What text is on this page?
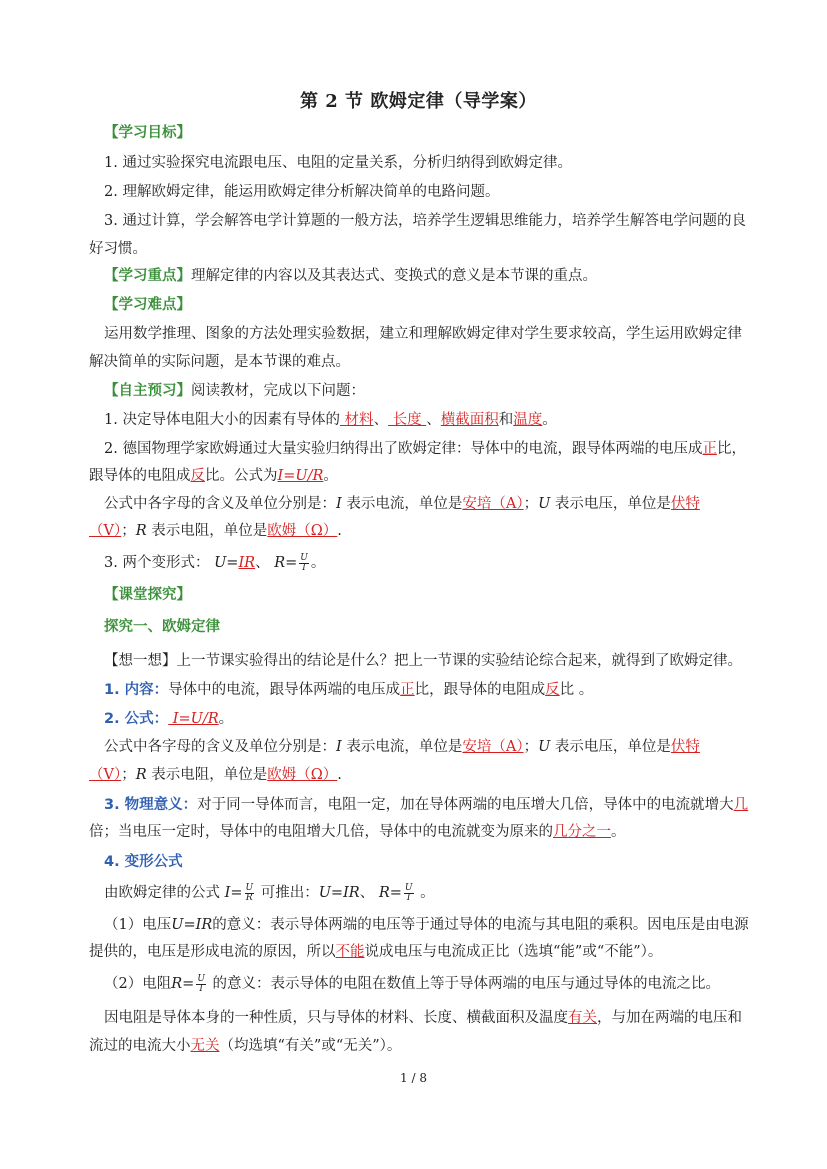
第 2 节 欧姆定律（导学案）
【学习目标】
1. 通过实验探究电流跟电压、电阻的定量关系，分析归纳得到欧姆定律。
2. 理解欧姆定律，能运用欧姆定律分析解决简单的电路问题。
3. 通过计算，学会解答电学计算题的一般方法，培养学生逻辑思维能力，培养学生解答电学问题的良
好习惯。
【学习重点】理解定律的内容以及其表达式、变换式的意义是本节课的重点。
【学习难点】
运用数学推理、图象的方法处理实验数据，建立和理解欧姆定律对学生要求较高，学生运用欧姆定律
解决简单的实际问题，是本节课的难点。
【自主预习】阅读教材，完成以下问题：
1. 决定导体电阻大小的因素有导体的 材料、 长度 、横截面积和温度。
2. 德国物理学家欧姆通过大量实验归纳得出了欧姆定律：导体中的电流，跟导体两端的电压成正比，
跟导体的电阻成反比。公式为I=U/R。
公式中各字母的含义及单位分别是：I 表示电流，单位是安培（A）；U 表示电压，单位是伏特
（V）；R 表示电阻，单位是欧姆（Ω）.
3. 两个变形式： U=IR、 $R= \frac{U}{I}$ 。
【课堂探究】
探究一、欧姆定律
【想一想】上一节课实验得出的结论是什么？把上一节课的实验结论综合起来，就得到了欧姆定律。
1. 内容：导体中的电流，跟导体两端的电压成正比，跟导体的电阻成反比 。
2. 公式： I=U/R。
公式中各字母的含义及单位分别是：I 表示电流，单位是安培（A）；U 表示电压，单位是伏特
（V）；R 表示电阻，单位是欧姆（Ω）.
3. 物理意义：对于同一导体而言，电阻一定，加在导体两端的电压增大几倍，导体中的电流就增大几
倍；当电压一定时，导体中的电阻增大几倍，导体中的电流就变为原来的几分之一。
4. 变形公式
由欧姆定律的公式 $I= \frac{U}{R}$ 可推出：U=IR、 $R= \frac{U}{I}$ 。
（1）电压U=IR的意义：表示导体两端的电压等于通过导体的电流与其电阻的乘积。因电压是由电源
提供的，电压是形成电流的原因，所以不能说成电压与电流成正比（选填“能”或“不能”）。
（2）电阻$R= \frac{U}{I}$ 的意义：表示导体的电阻在数值上等于导体两端的电压与通过导体的电流之比。
因电阻是导体本身的一种性质，只与导体的材料、长度、横截面积及温度有关，与加在两端的电压和
流过的电流大小无关（均选填“有关”或“无关”）。
1 / 8
